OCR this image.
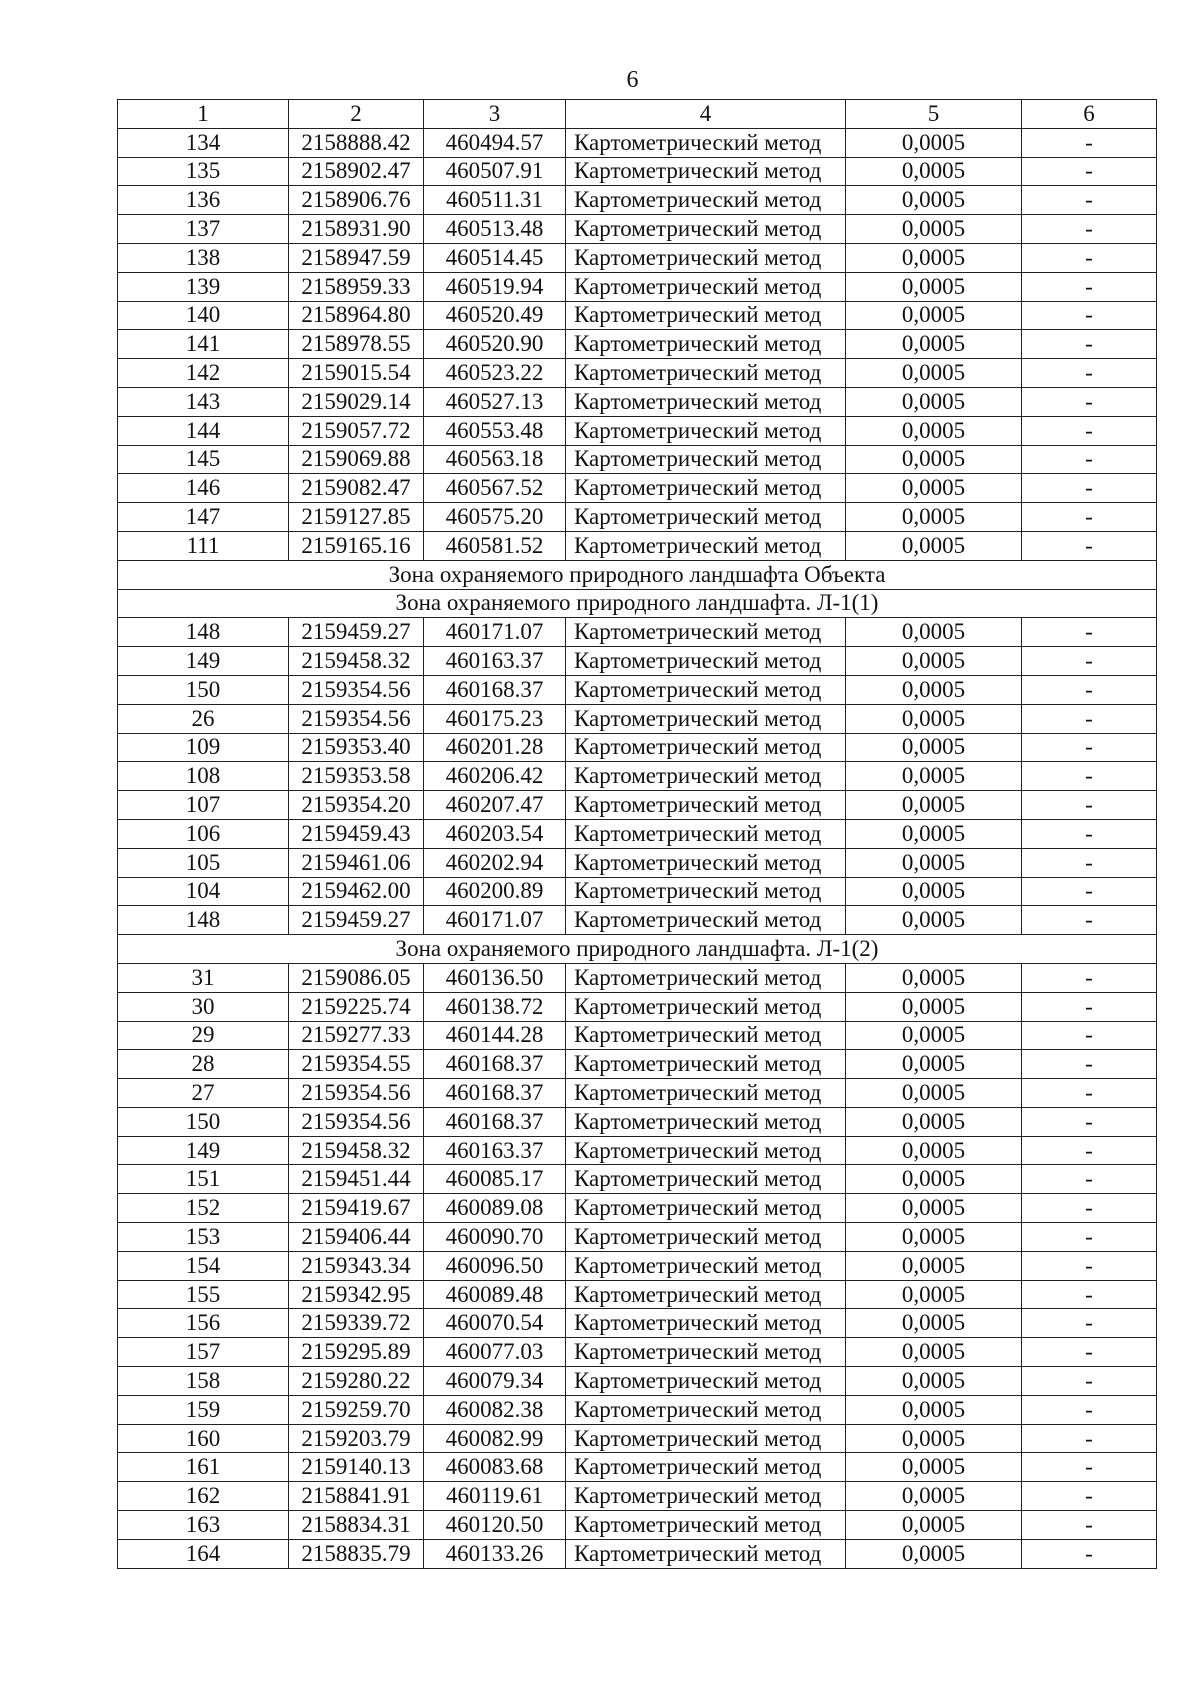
6
1	2	3	4	5	6
134	2158888.42	460494.57	Картометрический метод	0,0005	-
135	2158902.47	460507.91	Картометрический метод	0,0005	-
136	2158906.76	460511.31	Картометрический метод	0,0005	-
137	2158931.90	460513.48	Картометрический метод	0,0005	-
138	2158947.59	460514.45	Картометрический метод	0,0005	-
139	2158959.33	460519.94	Картометрический метод	0,0005	-
140	2158964.80	460520.49	Картометрический метод	0,0005	-
141	2158978.55	460520.90	Картометрический метод	0,0005	-
142	2159015.54	460523.22	Картометрический метод	0,0005	-
143	2159029.14	460527.13	Картометрический метод	0,0005	-
144	2159057.72	460553.48	Картометрический метод	0,0005	-
145	2159069.88	460563.18	Картометрический метод	0,0005	-
146	2159082.47	460567.52	Картометрический метод	0,0005	-
147	2159127.85	460575.20	Картометрический метод	0,0005	-
111	2159165.16	460581.52	Картометрический метод	0,0005	-
Зона охраняемого природного ландшафта Объекта					
Зона охраняемого природного ландшафта. Л-1(1)					
148	2159459.27	460171.07	Картометрический метод	0,0005	-
149	2159458.32	460163.37	Картометрический метод	0,0005	-
150	2159354.56	460168.37	Картометрический метод	0,0005	-
26	2159354.56	460175.23	Картометрический метод	0,0005	-
109	2159353.40	460201.28	Картометрический метод	0,0005	-
108	2159353.58	460206.42	Картометрический метод	0,0005	-
107	2159354.20	460207.47	Картометрический метод	0,0005	-
106	2159459.43	460203.54	Картометрический метод	0,0005	-
105	2159461.06	460202.94	Картометрический метод	0,0005	-
104	2159462.00	460200.89	Картометрический метод	0,0005	-
148	2159459.27	460171.07	Картометрический метод	0,0005	-
Зона охраняемого природного ландшафта. Л-1(2)					
31	2159086.05	460136.50	Картометрический метод	0,0005	-
30	2159225.74	460138.72	Картометрический метод	0,0005	-
29	2159277.33	460144.28	Картометрический метод	0,0005	-
28	2159354.55	460168.37	Картометрический метод	0,0005	-
27	2159354.56	460168.37	Картометрический метод	0,0005	-
150	2159354.56	460168.37	Картометрический метод	0,0005	-
149	2159458.32	460163.37	Картометрический метод	0,0005	-
151	2159451.44	460085.17	Картометрический метод	0,0005	-
152	2159419.67	460089.08	Картометрический метод	0,0005	-
153	2159406.44	460090.70	Картометрический метод	0,0005	-
154	2159343.34	460096.50	Картометрический метод	0,0005	-
155	2159342.95	460089.48	Картометрический метод	0,0005	-
156	2159339.72	460070.54	Картометрический метод	0,0005	-
157	2159295.89	460077.03	Картометрический метод	0,0005	-
158	2159280.22	460079.34	Картометрический метод	0,0005	-
159	2159259.70	460082.38	Картометрический метод	0,0005	-
160	2159203.79	460082.99	Картометрический метод	0,0005	-
161	2159140.13	460083.68	Картометрический метод	0,0005	-
162	2158841.91	460119.61	Картометрический метод	0,0005	-
163	2158834.31	460120.50	Картометрический метод	0,0005	-
164	2158835.79	460133.26	Картометрический метод	0,0005	-
